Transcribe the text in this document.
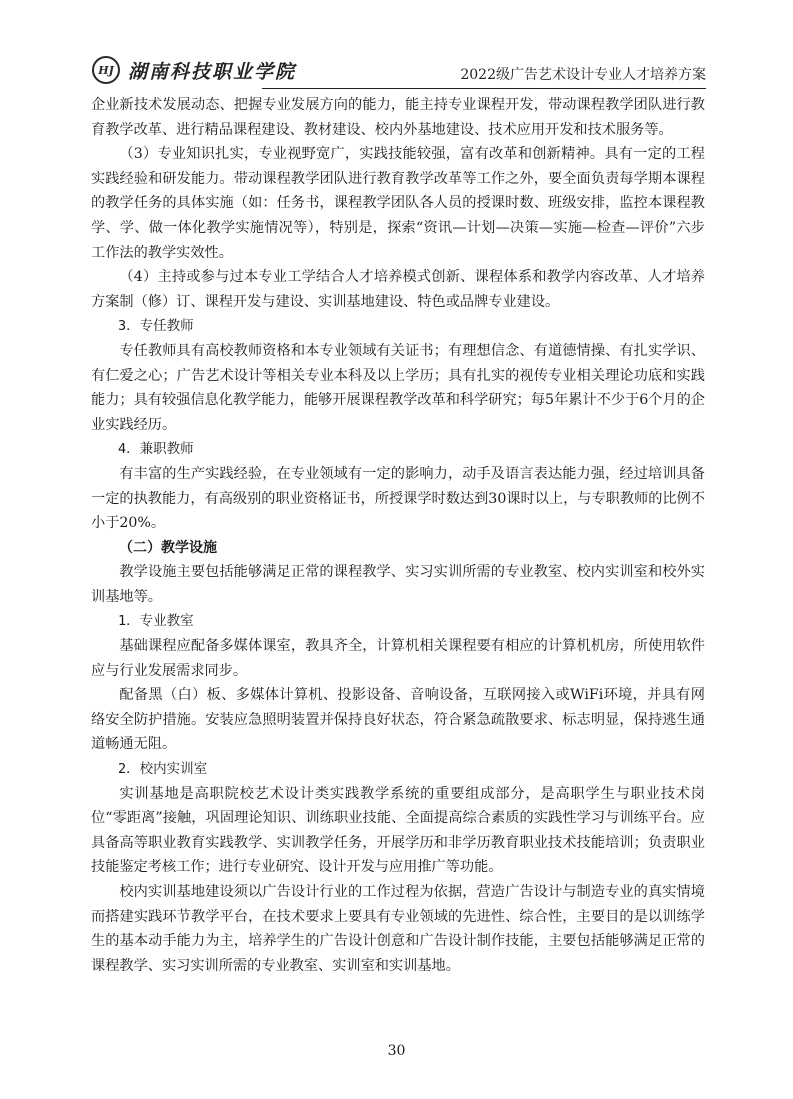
HJ 湖南科技职业学院	2022级广告艺术设计专业人才培养方案

企业新技术发展动态、把握专业发展方向的能力，能主持专业课程开发，带动课程教学团队进行教育教学改革、进行精品课程建设、教材建设、校内外基地建设、技术应用开发和技术服务等。

（3）专业知识扎实，专业视野宽广，实践技能较强，富有改革和创新精神。具有一定的工程实践经验和研发能力。带动课程教学团队进行教育教学改革等工作之外，要全面负责每学期本课程的教学任务的具体实施（如：任务书，课程教学团队各人员的授课时数、班级安排，监控本课程教学、学、做一体化教学实施情况等），特别是，探索“资讯—计划—决策—实施—检查—评价”六步工作法的教学实效性。

（4）主持或参与过本专业工学结合人才培养模式创新、课程体系和教学内容改革、人才培养方案制（修）订、课程开发与建设、实训基地建设、特色或品牌专业建设。

3．专任教师

专任教师具有高校教师资格和本专业领域有关证书；有理想信念、有道德情操、有扎实学识、有仁爱之心；广告艺术设计等相关专业本科及以上学历；具有扎实的视传专业相关理论功底和实践能力；具有较强信息化教学能力，能够开展课程教学改革和科学研究；每5年累计不少于6个月的企业实践经历。

4．兼职教师

有丰富的生产实践经验，在专业领域有一定的影响力，动手及语言表达能力强，经过培训具备一定的执教能力，有高级别的职业资格证书，所授课学时数达到30课时以上，与专职教师的比例不小于20%。

（二）教学设施

教学设施主要包括能够满足正常的课程教学、实习实训所需的专业教室、校内实训室和校外实训基地等。

1．专业教室

基础课程应配备多媒体课室，教具齐全，计算机相关课程要有相应的计算机机房，所使用软件应与行业发展需求同步。

配备黑（白）板、多媒体计算机、投影设备、音响设备，互联网接入或WiFi环境，并具有网络安全防护措施。安装应急照明装置并保持良好状态，符合紧急疏散要求、标志明显，保持逃生通道畅通无阻。

2．校内实训室

实训基地是高职院校艺术设计类实践教学系统的重要组成部分，是高职学生与职业技术岗位“零距离”接触，巩固理论知识、训练职业技能、全面提高综合素质的实践性学习与训练平台。应具备高等职业教育实践教学、实训教学任务，开展学历和非学历教育职业技术技能培训；负责职业技能鉴定考核工作；进行专业研究、设计开发与应用推广等功能。

校内实训基地建设须以广告设计行业的工作过程为依据，营造广告设计与制造专业的真实情境而搭建实践环节教学平台，在技术要求上要具有专业领域的先进性、综合性，主要目的是以训练学生的基本动手能力为主，培养学生的广告设计创意和广告设计制作技能，主要包括能够满足正常的课程教学、实习实训所需的专业教室、实训室和实训基地。

30
